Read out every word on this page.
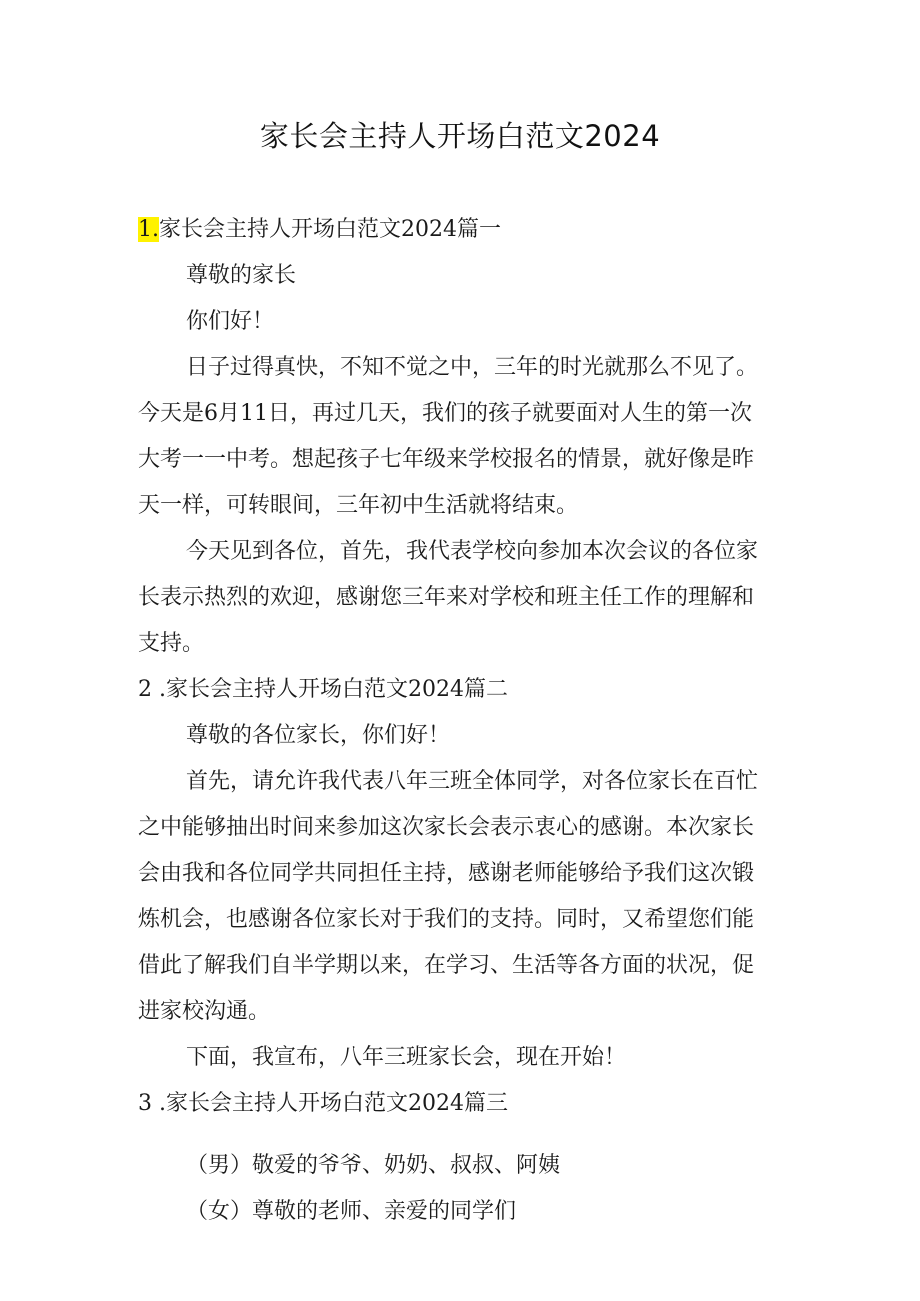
家长会主持人开场白范文2024
1.家长会主持人开场白范文2024篇一
尊敬的家长
你们好！
日子过得真快，不知不觉之中，三年的时光就那么不见了。
今天是6月11日，再过几天，我们的孩子就要面对人生的第一次
大考一一中考。想起孩子七年级来学校报名的情景，就好像是昨
天一样，可转眼间，三年初中生活就将结束。
今天见到各位，首先，我代表学校向参加本次会议的各位家
长表示热烈的欢迎，感谢您三年来对学校和班主任工作的理解和
支持。
2 .家长会主持人开场白范文2024篇二
尊敬的各位家长，你们好！
首先，请允许我代表八年三班全体同学，对各位家长在百忙
之中能够抽出时间来参加这次家长会表示衷心的感谢。本次家长
会由我和各位同学共同担任主持，感谢老师能够给予我们这次锻
炼机会，也感谢各位家长对于我们的支持。同时，又希望您们能
借此了解我们自半学期以来，在学习、生活等各方面的状况，促
进家校沟通。
下面，我宣布，八年三班家长会，现在开始！
3 .家长会主持人开场白范文2024篇三
（男）敬爱的爷爷、奶奶、叔叔、阿姨
（女）尊敬的老师、亲爱的同学们
